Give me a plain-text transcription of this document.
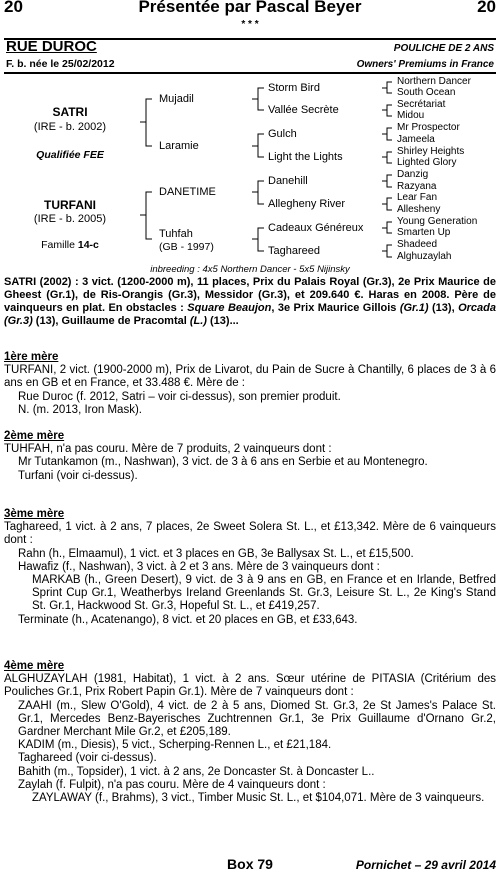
20	Présentée par Pascal Beyer	20
* * *
RUE DUROC	POULICHE DE 2 ANS
F. b. née le 25/02/2012	Owners' Premiums in France
SATRI
(IRE - b. 2002)
Qualifiée FEE
TURFANI
(IRE - b. 2005)
Famille 14-c
Mujadil
Laramie
DANETIME
Tuhfah
(GB - 1997)
Storm Bird
Vallée Secrète
Gulch
Light the Lights
Danehill
Allegheny River
Cadeaux Généreux
Taghareed
Northern Dancer
South Ocean
Secrétariat
Midou
Mr Prospector
Jameela
Shirley Heights
Lighted Glory
Danzig
Razyana
Lear Fan
Allesheny
Young Generation
Smarten Up
Shadeed
Alghuzaylah
inbreeding : 4x5 Northern Dancer - 5x5 Nijinsky
SATRI (2002) : 3 vict. (1200-2000 m), 11 places, Prix du Palais Royal (Gr.3), 2e Prix Maurice de Gheest (Gr.1), de Ris-Orangis (Gr.3), Messidor (Gr.3), et 209.640 €. Haras en 2008. Père de vainqueurs en plat. En obstacles : Square Beaujon, 3e Prix Maurice Gillois (Gr.1) (13), Orcada (Gr.3) (13), Guillaume de Pracomtal (L.) (13)...
1ère mère
TURFANI, 2 vict. (1900-2000 m), Prix de Livarot, du Pain de Sucre à Chantilly, 6 places de 3 à 6 ans en GB et en France, et 33.488 €. Mère de :
Rue Duroc (f. 2012, Satri – voir ci-dessus), son premier produit.
N. (m. 2013, Iron Mask).
2ème mère
TUHFAH, n'a pas couru. Mère de 7 produits, 2 vainqueurs dont :
Mr Tutankamon (m., Nashwan), 3 vict. de 3 à 6 ans en Serbie et au Montenegro.
Turfani (voir ci-dessus).
3ème mère
Taghareed, 1 vict. à 2 ans, 7 places, 2e Sweet Solera St. L., et £13,342. Mère de 6 vainqueurs dont :
Rahn (h., Elmaamul), 1 vict. et 3 places en GB, 3e Ballysax St. L., et £15,500.
Hawafiz (f., Nashwan), 3 vict. à 2 et 3 ans. Mère de 3 vainqueurs dont :
MARKAB (h., Green Desert), 9 vict. de 3 à 9 ans en GB, en France et en Irlande, Betfred Sprint Cup Gr.1, Weatherbys Ireland Greenlands St. Gr.3, Leisure St. L., 2e King's Stand St. Gr.1, Hackwood St. Gr.3, Hopeful St. L., et £419,257.
Terminate (h., Acatenango), 8 vict. et 20 places en GB, et £33,643.
4ème mère
ALGHUZAYLAH (1981, Habitat), 1 vict. à 2 ans. Sœur utérine de PITASIA (Critérium des Pouliches Gr.1, Prix Robert Papin Gr.1). Mère de 7 vainqueurs dont :
ZAAHI (m., Slew O'Gold), 4 vict. de 2 à 5 ans, Diomed St. Gr.3, 2e St James's Palace St. Gr.1, Mercedes Benz-Bayerisches Zuchtrennen Gr.1, 3e Prix Guillaume d'Ornano Gr.2, Gardner Merchant Mile Gr.2, et £205,189.
KADIM (m., Diesis), 5 vict., Scherping-Rennen L., et £21,184.
Taghareed (voir ci-dessus).
Bahith (m., Topsider), 1 vict. à 2 ans, 2e Doncaster St. à Doncaster L..
Zaylah (f. Fulpit), n'a pas couru. Mère de 4 vainqueurs dont :
ZAYLAWAY (f., Brahms), 3 vict., Timber Music St. L., et $104,071. Mère de 3 vainqueurs.
Box 79	Pornichet – 29 avril 2014
